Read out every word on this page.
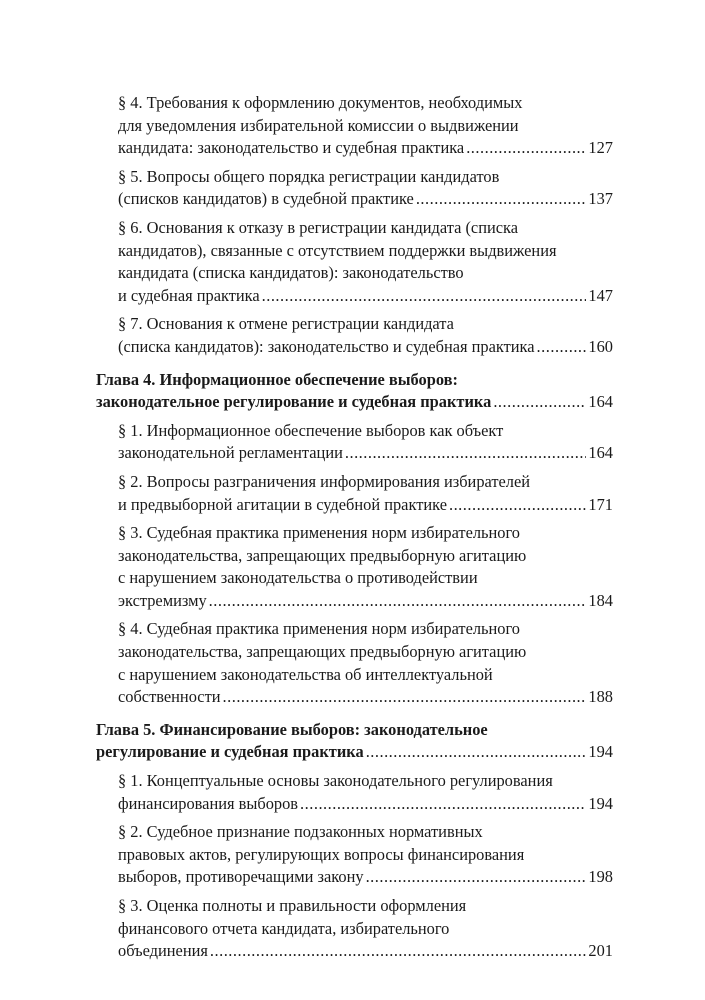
§ 4. Требования к оформлению документов, необходимых
для уведомления избирательной комиссии о выдвижении
кандидата: законодательство и судебная практика .....	127
§ 5. Вопросы общего порядка регистрации кандидатов
(списков кандидатов) в судебной практике .....	137
§ 6. Основания к отказу в регистрации кандидата (списка
кандидатов), связанные с отсутствием поддержки выдвижения
кандидата (списка кандидатов): законодательство
и судебная практика .....	147
§ 7. Основания к отмене регистрации кандидата
(списка кандидатов): законодательство и судебная практика .....	160
Глава 4. Информационное обеспечение выборов:
законодательное регулирование и судебная практика .....	164
§ 1. Информационное обеспечение выборов как объект
законодательной регламентации .....	164
§ 2. Вопросы разграничения информирования избирателей
и предвыборной агитации в судебной практике .....	171
§ 3. Судебная практика применения норм избирательного
законодательства, запрещающих предвыборную агитацию
с нарушением законодательства о противодействии
экстремизму .....	184
§ 4. Судебная практика применения норм избирательного
законодательства, запрещающих предвыборную агитацию
с нарушением законодательства об интеллектуальной
собственности .....	188
Глава 5. Финансирование выборов: законодательное
регулирование и судебная практика .....	194
§ 1. Концептуальные основы законодательного регулирования
финансирования выборов .....	194
§ 2. Судебное признание подзаконных нормативных
правовых актов, регулирующих вопросы финансирования
выборов, противоречащими закону .....	198
§ 3. Оценка полноты и правильности оформления
финансового отчета кандидата, избирательного
объединения .....	201
